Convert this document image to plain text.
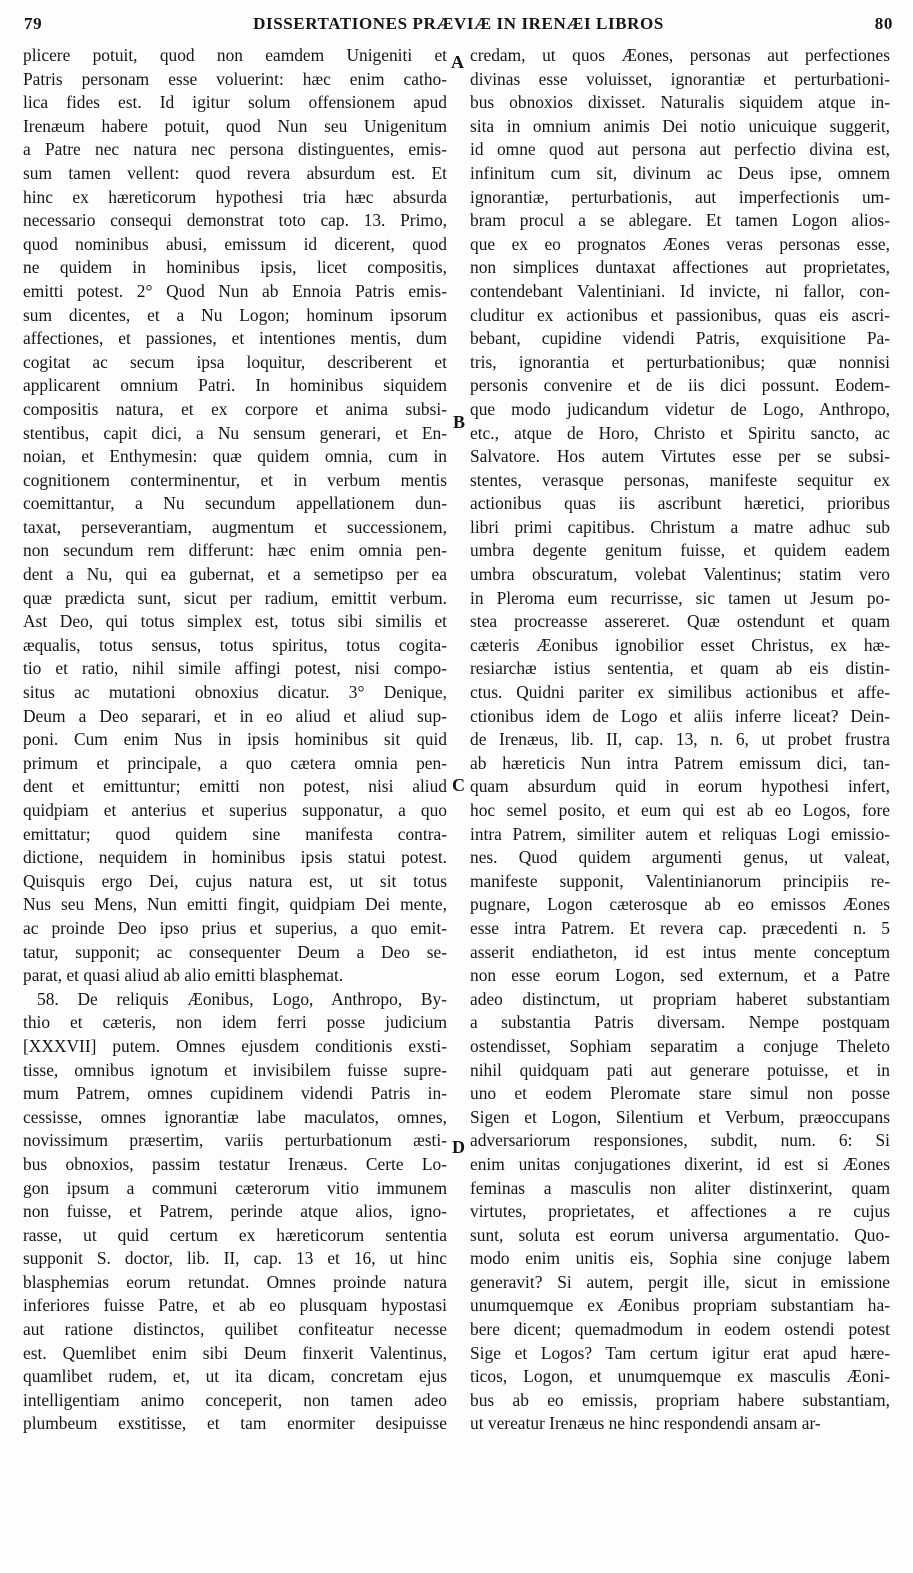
79	DISSERTATIONES PRÆVIÆ IN IRENÆI LIBROS	80
plicere potuit, quod non eamdem Unigeniti et
Patris personam esse voluerint: hæc enim catho-
lica fides est. Id igitur solum offensionem apud
Irenæum habere potuit, quod Nun seu Unigenitum
a Patre nec natura nec persona distinguentes, emis-
sum tamen vellent: quod revera absurdum est. Et
hinc ex hæreticorum hypothesi tria hæc absurda
necessario consequi demonstrat toto cap. 13. Primo,
quod nominibus abusi, emissum id dicerent, quod
ne quidem in hominibus ipsis, licet compositis,
emitti potest. 2° Quod Nun ab Ennoia Patris emis-
sum dicentes, et a Nu Logon; hominum ipsorum
affectiones, et passiones, et intentiones mentis, dum
cogitat ac secum ipsa loquitur, describerent et
applicarent omnium Patri. In hominibus siquidem
compositis natura, et ex corpore et anima subsi-
stentibus, capit dici, a Nu sensum generari, et En-
noian, et Enthymesin: quæ quidem omnia, cum in
cognitionem conterminentur, et in verbum mentis
coemittantur, a Nu secundum appellationem dun-
taxat, perseverantiam, augmentum et successionem,
non secundum rem differunt: hæc enim omnia pen-
dent a Nu, qui ea gubernat, et a semetipso per ea
quæ prædicta sunt, sicut per radium, emittit verbum.
Ast Deo, qui totus simplex est, totus sibi similis et
æqualis, totus sensus, totus spiritus, totus cogita-
tio et ratio, nihil simile affingi potest, nisi compo-
situs ac mutationi obnoxius dicatur. 3° Denique,
Deum a Deo separari, et in eo aliud et aliud sup-
poni. Cum enim Nus in ipsis hominibus sit quid
primum et principale, a quo cætera omnia pen-
dent et emittuntur; emitti non potest, nisi aliud
quidpiam et anterius et superius supponatur, a quo
emittatur; quod quidem sine manifesta contra-
dictione, nequidem in hominibus ipsis statui potest.
Quisquis ergo Dei, cujus natura est, ut sit totus
Nus seu Mens, Nun emitti fingit, quidpiam Dei mente,
ac proinde Deo ipso prius et superius, a quo emit-
tatur, supponit; ac consequenter Deum a Deo se-
parat, et quasi aliud ab alio emitti blasphemat.
58. De reliquis Æonibus, Logo, Anthropo, By-
thio et cæteris, non idem ferri posse judicium
[XXXVII] putem. Omnes ejusdem conditionis exsti-
tisse, omnibus ignotum et invisibilem fuisse supre-
mum Patrem, omnes cupidinem videndi Patris in-
cessisse, omnes ignorantiæ labe maculatos, omnes,
novissimum præsertim, variis perturbationum æsti-
bus obnoxios, passim testatur Irenæus. Certe Lo-
gon ipsum a communi cæterorum vitio immunem
non fuisse, et Patrem, perinde atque alios, igno-
rasse, ut quid certum ex hæreticorum sententia
supponit S. doctor, lib. II, cap. 13 et 16, ut hinc
blasphemias eorum retundat. Omnes proinde natura
inferiores fuisse Patre, et ab eo plusquam hypostasi
aut ratione distinctos, quilibet confiteatur necesse
est. Quemlibet enim sibi Deum finxerit Valentinus,
quamlibet rudem, et, ut ita dicam, concretam ejus
intelligentiam animo conceperit, non tamen adeo
plumbeum exstitisse, et tam enormiter desipuisse
credam, ut quos Æones, personas aut perfectiones
divinas esse voluisset, ignorantiæ et perturbationi-
bus obnoxios dixisset. Naturalis siquidem atque in-
sita in omnium animis Dei notio unicuique suggerit,
id omne quod aut persona aut perfectio divina est,
infinitum cum sit, divinum ac Deus ipse, omnem
ignorantiæ, perturbationis, aut imperfectionis um-
bram procul a se ablegare. Et tamen Logon alios-
que ex eo prognatos Æones veras personas esse,
non simplices duntaxat affectiones aut proprietates,
contendebant Valentiniani. Id invicte, ni fallor, con-
cluditur ex actionibus et passionibus, quas eis ascri-
bebant, cupidine videndi Patris, exquisitione Pa-
tris, ignorantia et perturbationibus; quæ nonnisi
personis convenire et de iis dici possunt. Eodem-
que modo judicandum videtur de Logo, Anthropo,
etc., atque de Horo, Christo et Spiritu sancto, ac
Salvatore. Hos autem Virtutes esse per se subsi-
stentes, verasque personas, manifeste sequitur ex
actionibus quas iis ascribunt hæretici, prioribus
libri primi capitibus. Christum a matre adhuc sub
umbra degente genitum fuisse, et quidem eadem
umbra obscuratum, volebat Valentinus; statim vero
in Pleroma eum recurrisse, sic tamen ut Jesum po-
stea procreasse assereret. Quæ ostendunt et quam
cæteris Æonibus ignobilior esset Christus, ex hæ-
resiarchæ istius sententia, et quam ab eis distin-
ctus. Quidni pariter ex similibus actionibus et affe-
ctionibus idem de Logo et aliis inferre liceat? Dein-
de Irenæus, lib. II, cap. 13, n. 6, ut probet frustra
ab hæreticis Nun intra Patrem emissum dici, tan-
quam absurdum quid in eorum hypothesi infert,
hoc semel posito, et eum qui est ab eo Logos, fore
intra Patrem, similiter autem et reliquas Logi emissio-
nes. Quod quidem argumenti genus, ut valeat,
manifeste supponit, Valentinianorum principiis re-
pugnare, Logon cæterosque ab eo emissos Æones
esse intra Patrem. Et revera cap. præcedenti n. 5
asserit endiatheton, id est intus mente conceptum
non esse eorum Logon, sed externum, et a Patre
adeo distinctum, ut propriam haberet substantiam
a substantia Patris diversam. Nempe postquam
ostendisset, Sophiam separatim a conjuge Theleto
nihil quidquam pati aut generare potuisse, et in
uno et eodem Pleromate stare simul non posse
Sigen et Logon, Silentium et Verbum, præoccupans
adversariorum responsiones, subdit, num. 6: Si
enim unitas conjugationes dixerint, id est si Æones
feminas a masculis non aliter distinxerint, quam
virtutes, proprietates, et affectiones a re cujus
sunt, soluta est eorum universa argumentatio. Quo-
modo enim unitis eis, Sophia sine conjuge labem
generavit? Si autem, pergit ille, sicut in emissione
unumquemque ex Æonibus propriam substantiam ha-
bere dicent; quemadmodum in eodem ostendi potest
Sige et Logos? Tam certum igitur erat apud hære-
ticos, Logon, et unumquemque ex masculis Æoni-
bus ab eo emissis, propriam habere substantiam,
ut vereatur Irenæus ne hinc respondendi ansam ar-
A
B
C
D
